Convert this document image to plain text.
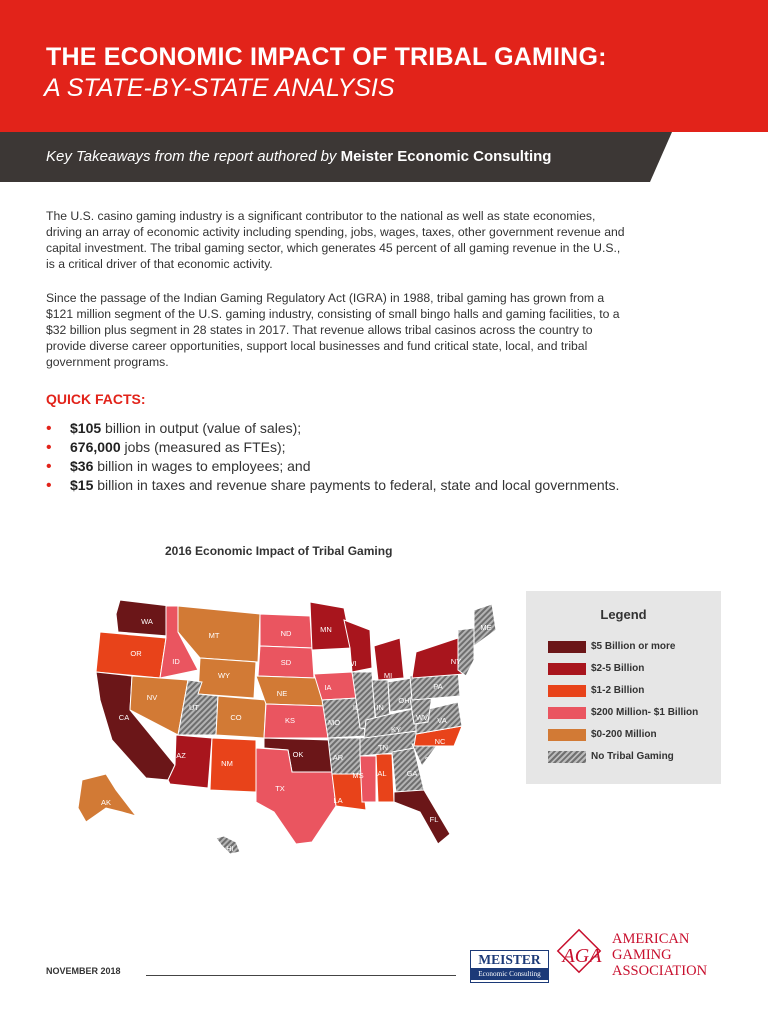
THE ECONOMIC IMPACT OF TRIBAL GAMING:
A STATE-BY-STATE ANALYSIS
Key Takeaways from the report authored by Meister Economic Consulting

The U.S. casino gaming industry is a significant contributor to the national as well as state economies, driving an array of economic activity including spending, jobs, wages, taxes, other government revenue and capital investment. The tribal gaming sector, which generates 45 percent of all gaming revenue in the U.S., is a critical driver of that economic activity.

Since the passage of the Indian Gaming Regulatory Act (IGRA) in 1988, tribal gaming has grown from a $121 million segment of the U.S. gaming industry, consisting of small bingo halls and gaming facilities, to a $32 billion plus segment in 28 states in 2017. That revenue allows tribal casinos across the country to provide diverse career opportunities, support local businesses and fund critical state, local, and tribal government programs.

QUICK FACTS:
• $105 billion in output (value of sales);
• 676,000 jobs (measured as FTEs);
• $36 billion in wages to employees; and
• $15 billion in taxes and revenue share payments to federal, state and local governments.
2016 Economic Impact of Tribal Gaming
WA
MT	ND	MN	ME
OR
ID	SD	WI
MI
NY
WY
IA	PA
NV	NE
OH
UT	IL IN
WV
CO	VA
CA	KS	MO
KY
OK
TN
NC
AZ
NM
AR	SC
MS AL	GA
TX
LA
FL
AK
HI
Legend
$5 Billion or more
$2-5 Billion
$1-2 Billion
$200 Million- $1 Billion
$0-200 Million
No Tribal Gaming
NOVEMBER 2018
MEISTER
Economic Consulting
AGA
AMERICAN
GAMING
ASSOCIATION
